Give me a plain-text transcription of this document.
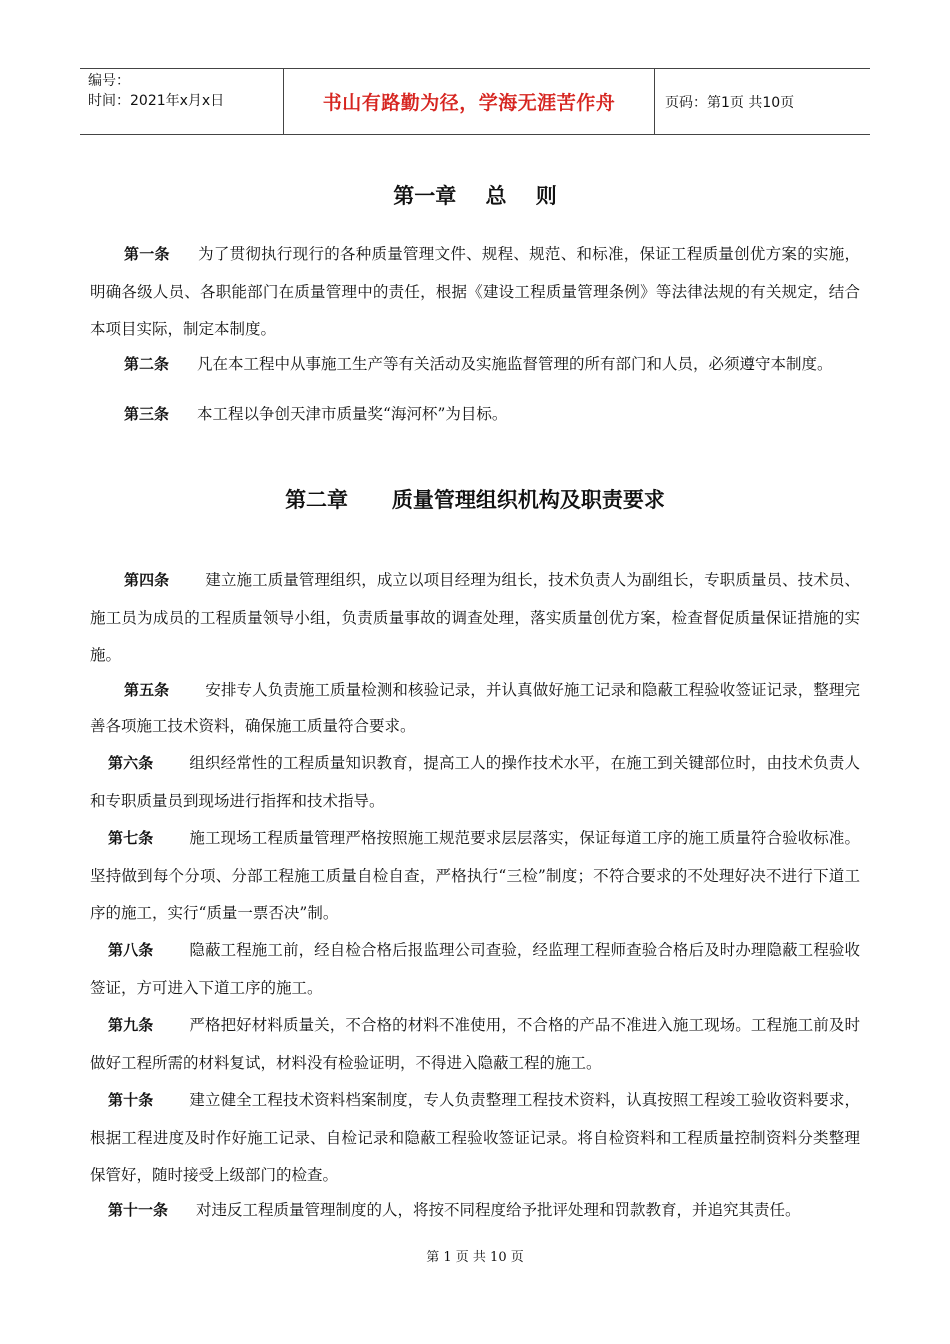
编号：
时间：2021年x月x日	书山有路勤为径，学海无涯苦作舟	页码：第1页 共10页
第一章    总    则
第一条 为了贯彻执行现行的各种质量管理文件、规程、规范、和标准，保证工程质量创优方案的实施，明确各级人员、各职能部门在质量管理中的责任，根据《建设工程质量管理条例》等法律法规的有关规定，结合本项目实际，制定本制度。
第二条 凡在本工程中从事施工生产等有关活动及实施监督管理的所有部门和人员，必须遵守本制度。
第三条 本工程以争创天津市质量奖“海河杯”为目标。
第二章      质量管理组织机构及职责要求
第四条 建立施工质量管理组织，成立以项目经理为组长，技术负责人为副组长，专职质量员、技术员、施工员为成员的工程质量领导小组，负责质量事故的调查处理，落实质量创优方案，检查督促质量保证措施的实施。
第五条 安排专人负责施工质量检测和核验记录，并认真做好施工记录和隐蔽工程验收签证记录，整理完善各项施工技术资料，确保施工质量符合要求。
第六条 组织经常性的工程质量知识教育，提高工人的操作技术水平，在施工到关键部位时，由技术负责人和专职质量员到现场进行指挥和技术指导。
第七条 施工现场工程质量管理严格按照施工规范要求层层落实，保证每道工序的施工质量符合验收标准。坚持做到每个分项、分部工程施工质量自检自查，严格执行“三检”制度；不符合要求的不处理好决不进行下道工序的施工，实行“质量一票否决”制。
第八条 隐蔽工程施工前，经自检合格后报监理公司查验，经监理工程师查验合格后及时办理隐蔽工程验收签证，方可进入下道工序的施工。
第九条 严格把好材料质量关，不合格的材料不准使用，不合格的产品不准进入施工现场。工程施工前及时做好工程所需的材料复试，材料没有检验证明，不得进入隐蔽工程的施工。
第十条 建立健全工程技术资料档案制度，专人负责整理工程技术资料，认真按照工程竣工验收资料要求，根据工程进度及时作好施工记录、自检记录和隐蔽工程验收签证记录。将自检资料和工程质量控制资料分类整理保管好，随时接受上级部门的检查。
第十一条 对违反工程质量管理制度的人，将按不同程度给予批评处理和罚款教育，并追究其责任。
第 1 页 共 10 页
